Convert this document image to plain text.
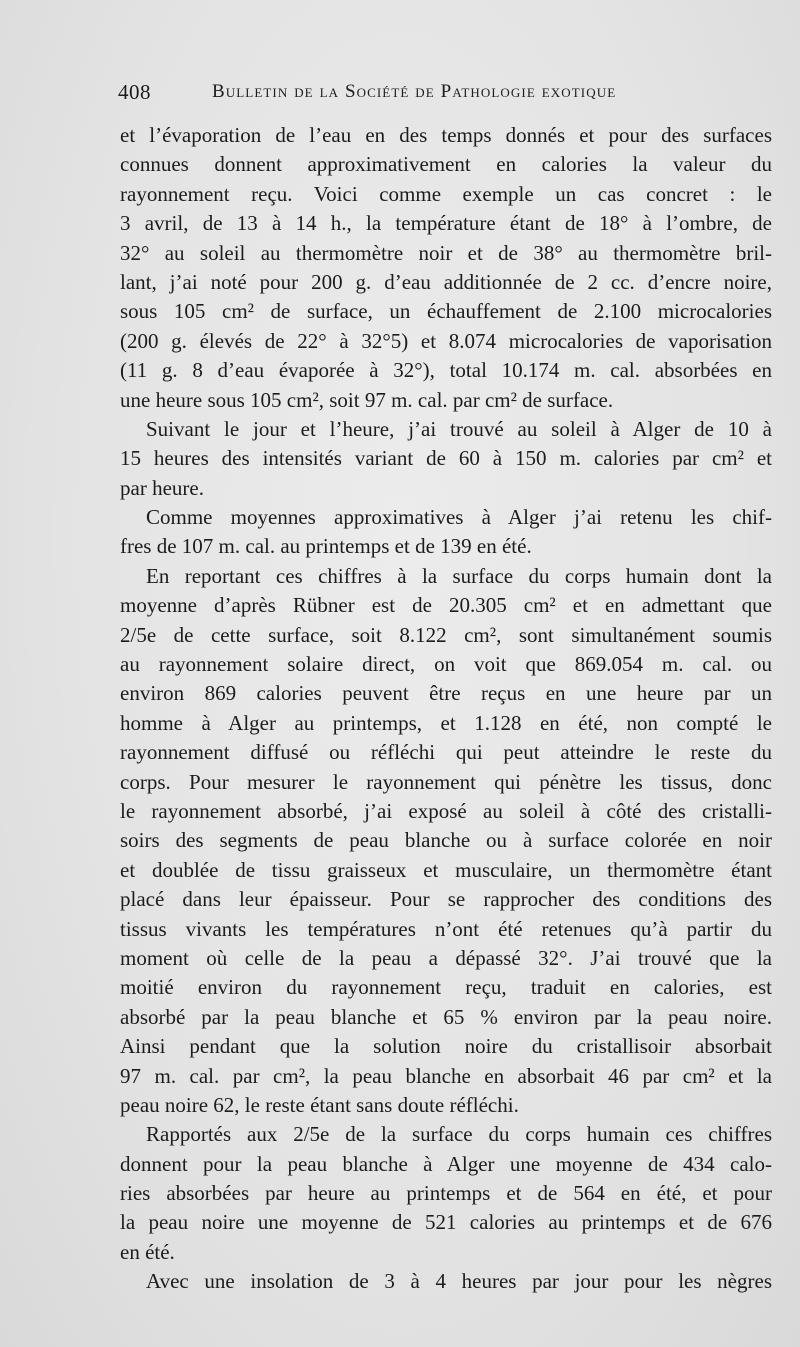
408	Bulletin de la Société de Pathologie exotique
et l’évaporation de l’eau en des temps donnés et pour des surfaces
connues donnent approximativement en calories la valeur du
rayonnement reçu. Voici comme exemple un cas concret : le
3 avril, de 13 à 14 h., la température étant de 18° à l’ombre, de
32° au soleil au thermomètre noir et de 38° au thermomètre bril-
lant, j’ai noté pour 200 g. d’eau additionnée de 2 cc. d’encre noire,
sous 105 cm² de surface, un échauffement de 2.100 microcalories
(200 g. élevés de 22° à 32°5) et 8.074 microcalories de vaporisation
(11 g. 8 d’eau évaporée à 32°), total 10.174 m. cal. absorbées en
une heure sous 105 cm², soit 97 m. cal. par cm² de surface.
Suivant le jour et l’heure, j’ai trouvé au soleil à Alger de 10 à
15 heures des intensités variant de 60 à 150 m. calories par cm² et
par heure.
Comme moyennes approximatives à Alger j’ai retenu les chif-
fres de 107 m. cal. au printemps et de 139 en été.
En reportant ces chiffres à la surface du corps humain dont la
moyenne d’après Rübner est de 20.305 cm² et en admettant que
2/5e de cette surface, soit 8.122 cm², sont simultanément soumis
au rayonnement solaire direct, on voit que 869.054 m. cal. ou
environ 869 calories peuvent être reçus en une heure par un
homme à Alger au printemps, et 1.128 en été, non compté le
rayonnement diffusé ou réfléchi qui peut atteindre le reste du
corps. Pour mesurer le rayonnement qui pénètre les tissus, donc
le rayonnement absorbé, j’ai exposé au soleil à côté des cristalli-
soirs des segments de peau blanche ou à surface colorée en noir
et doublée de tissu graisseux et musculaire, un thermomètre étant
placé dans leur épaisseur. Pour se rapprocher des conditions des
tissus vivants les températures n’ont été retenues qu’à partir du
moment où celle de la peau a dépassé 32°. J’ai trouvé que la
moitié environ du rayonnement reçu, traduit en calories, est
absorbé par la peau blanche et 65 % environ par la peau noire.
Ainsi pendant que la solution noire du cristallisoir absorbait
97 m. cal. par cm², la peau blanche en absorbait 46 par cm² et la
peau noire 62, le reste étant sans doute réfléchi.
Rapportés aux 2/5e de la surface du corps humain ces chiffres
donnent pour la peau blanche à Alger une moyenne de 434 calo-
ries absorbées par heure au printemps et de 564 en été, et pour
la peau noire une moyenne de 521 calories au printemps et de 676
en été.
Avec une insolation de 3 à 4 heures par jour pour les nègres
